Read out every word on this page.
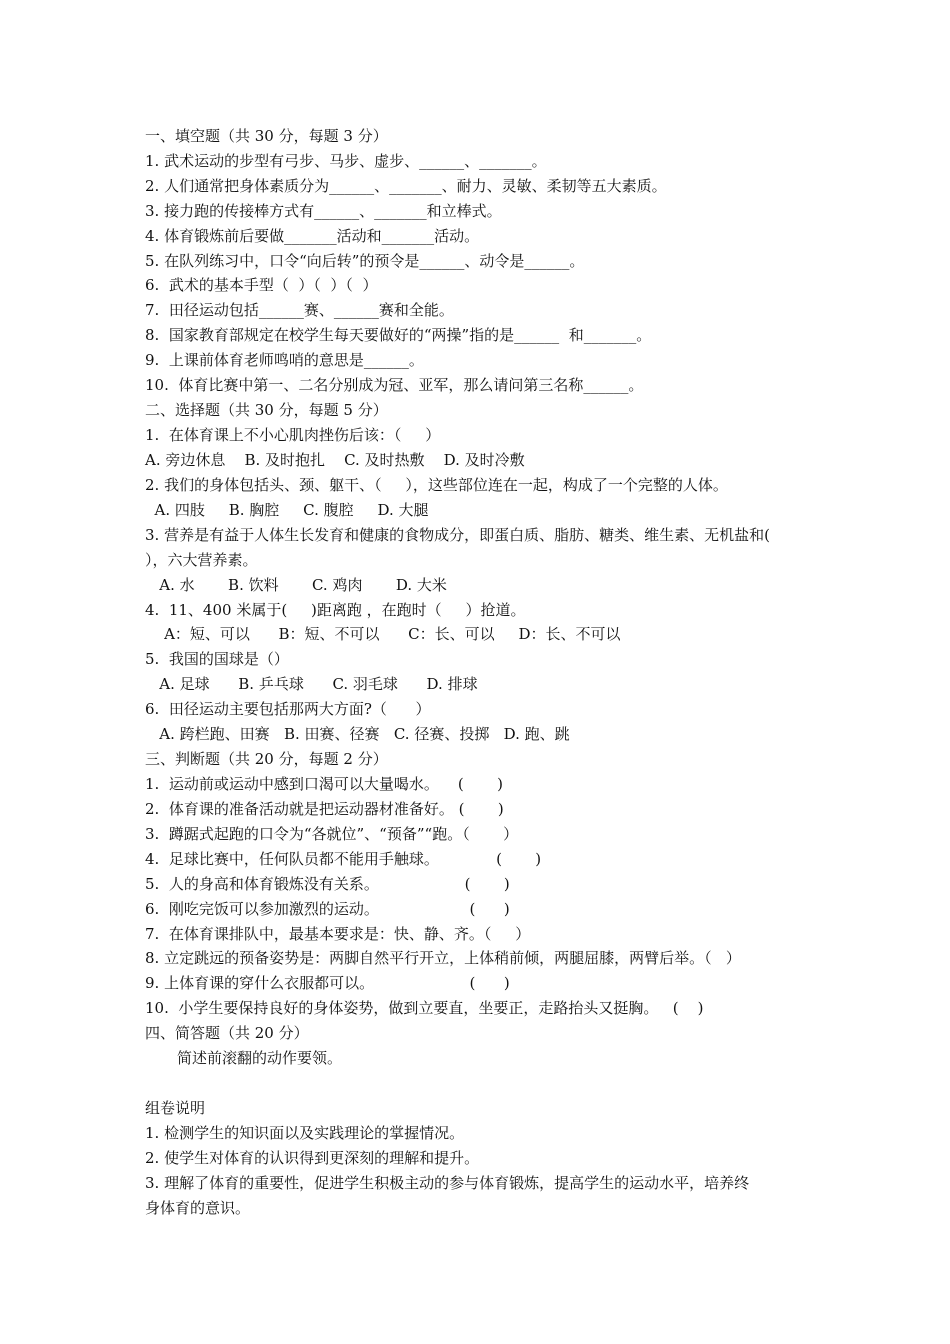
一、填空题（共 30 分，每题 3 分）
1. 武术运动的步型有弓步、马步、虚步、______、_______。
2. 人们通常把身体素质分为______、_______、耐力、灵敏、柔韧等五大素质。
3. 接力跑的传接棒方式有______、_______和立棒式。
4. 体育锻炼前后要做_______活动和_______活动。
5. 在队列练习中，口令“向后转”的预令是______、动令是______。
6.  武术的基本手型（  ）（  ）（  ）
7.  田径运动包括______赛、______赛和全能。
8.  国家教育部规定在校学生每天要做好的“两操”指的是______  和_______。
9.  上课前体育老师鸣哨的意思是______。
10.  体育比赛中第一、二名分别成为冠、亚军，那么请问第三名称______。
二、选择题（共 30 分，每题 5 分）
1.  在体育课上不小心肌肉挫伤后该：（     ）
A. 旁边休息    B. 及时抱扎    C. 及时热敷    D. 及时冷敷
2. 我们的身体包括头、颈、躯干、（     ），这些部位连在一起，构成了一个完整的人体。
A. 四肢     B. 胸腔     C. 腹腔     D. 大腿
3. 营养是有益于人体生长发育和健康的食物成分，即蛋白质、脂肪、糖类、维生素、无机盐和(
），六大营养素。
A. 水       B. 饮料       C. 鸡肉       D. 大米
4.  11、400 米属于(     )距离跑 ，在跑时（     ）抢道。
A：短、可以      B：短、不可以      C：长、可以     D：长、不可以
5.  我国的国球是（）
A. 足球      B. 乒乓球      C. 羽毛球      D. 排球
6.  田径运动主要包括那两大方面?（      ）
A. 跨栏跑、田赛   B. 田赛、径赛   C. 径赛、投掷   D. 跑、跳
三、判断题（共 20 分，每题 2 分）
1.  运动前或运动中感到口渴可以大量喝水。    (       )
2.  体育课的准备活动就是把运动器材准备好。 (       )
3.  蹲踞式起跑的口令为“各就位”、“预备”“跑。（       ）
4.  足球比赛中，任何队员都不能用手触球。            (       )
5.  人的身高和体育锻炼没有关系。                  (       )
6.  刚吃完饭可以参加激烈的运动。                   (      )
7.  在体育课排队中，最基本要求是：快、静、齐。（     ）
8. 立定跳远的预备姿势是：两脚自然平行开立，上体稍前倾，两腿屈膝，两臂后举。（   ）
9. 上体育课的穿什么衣服都可以。                    (      )
10.  小学生要保持良好的身体姿势，做到立要直，坐要正，走路抬头又挺胸。   (    )
四、简答题（共 20 分）
简述前滚翻的动作要领。
组卷说明
1. 检测学生的知识面以及实践理论的掌握情况。
2. 使学生对体育的认识得到更深刻的理解和提升。
3. 理解了体育的重要性，促进学生积极主动的参与体育锻炼，提高学生的运动水平，培养终
身体育的意识。
